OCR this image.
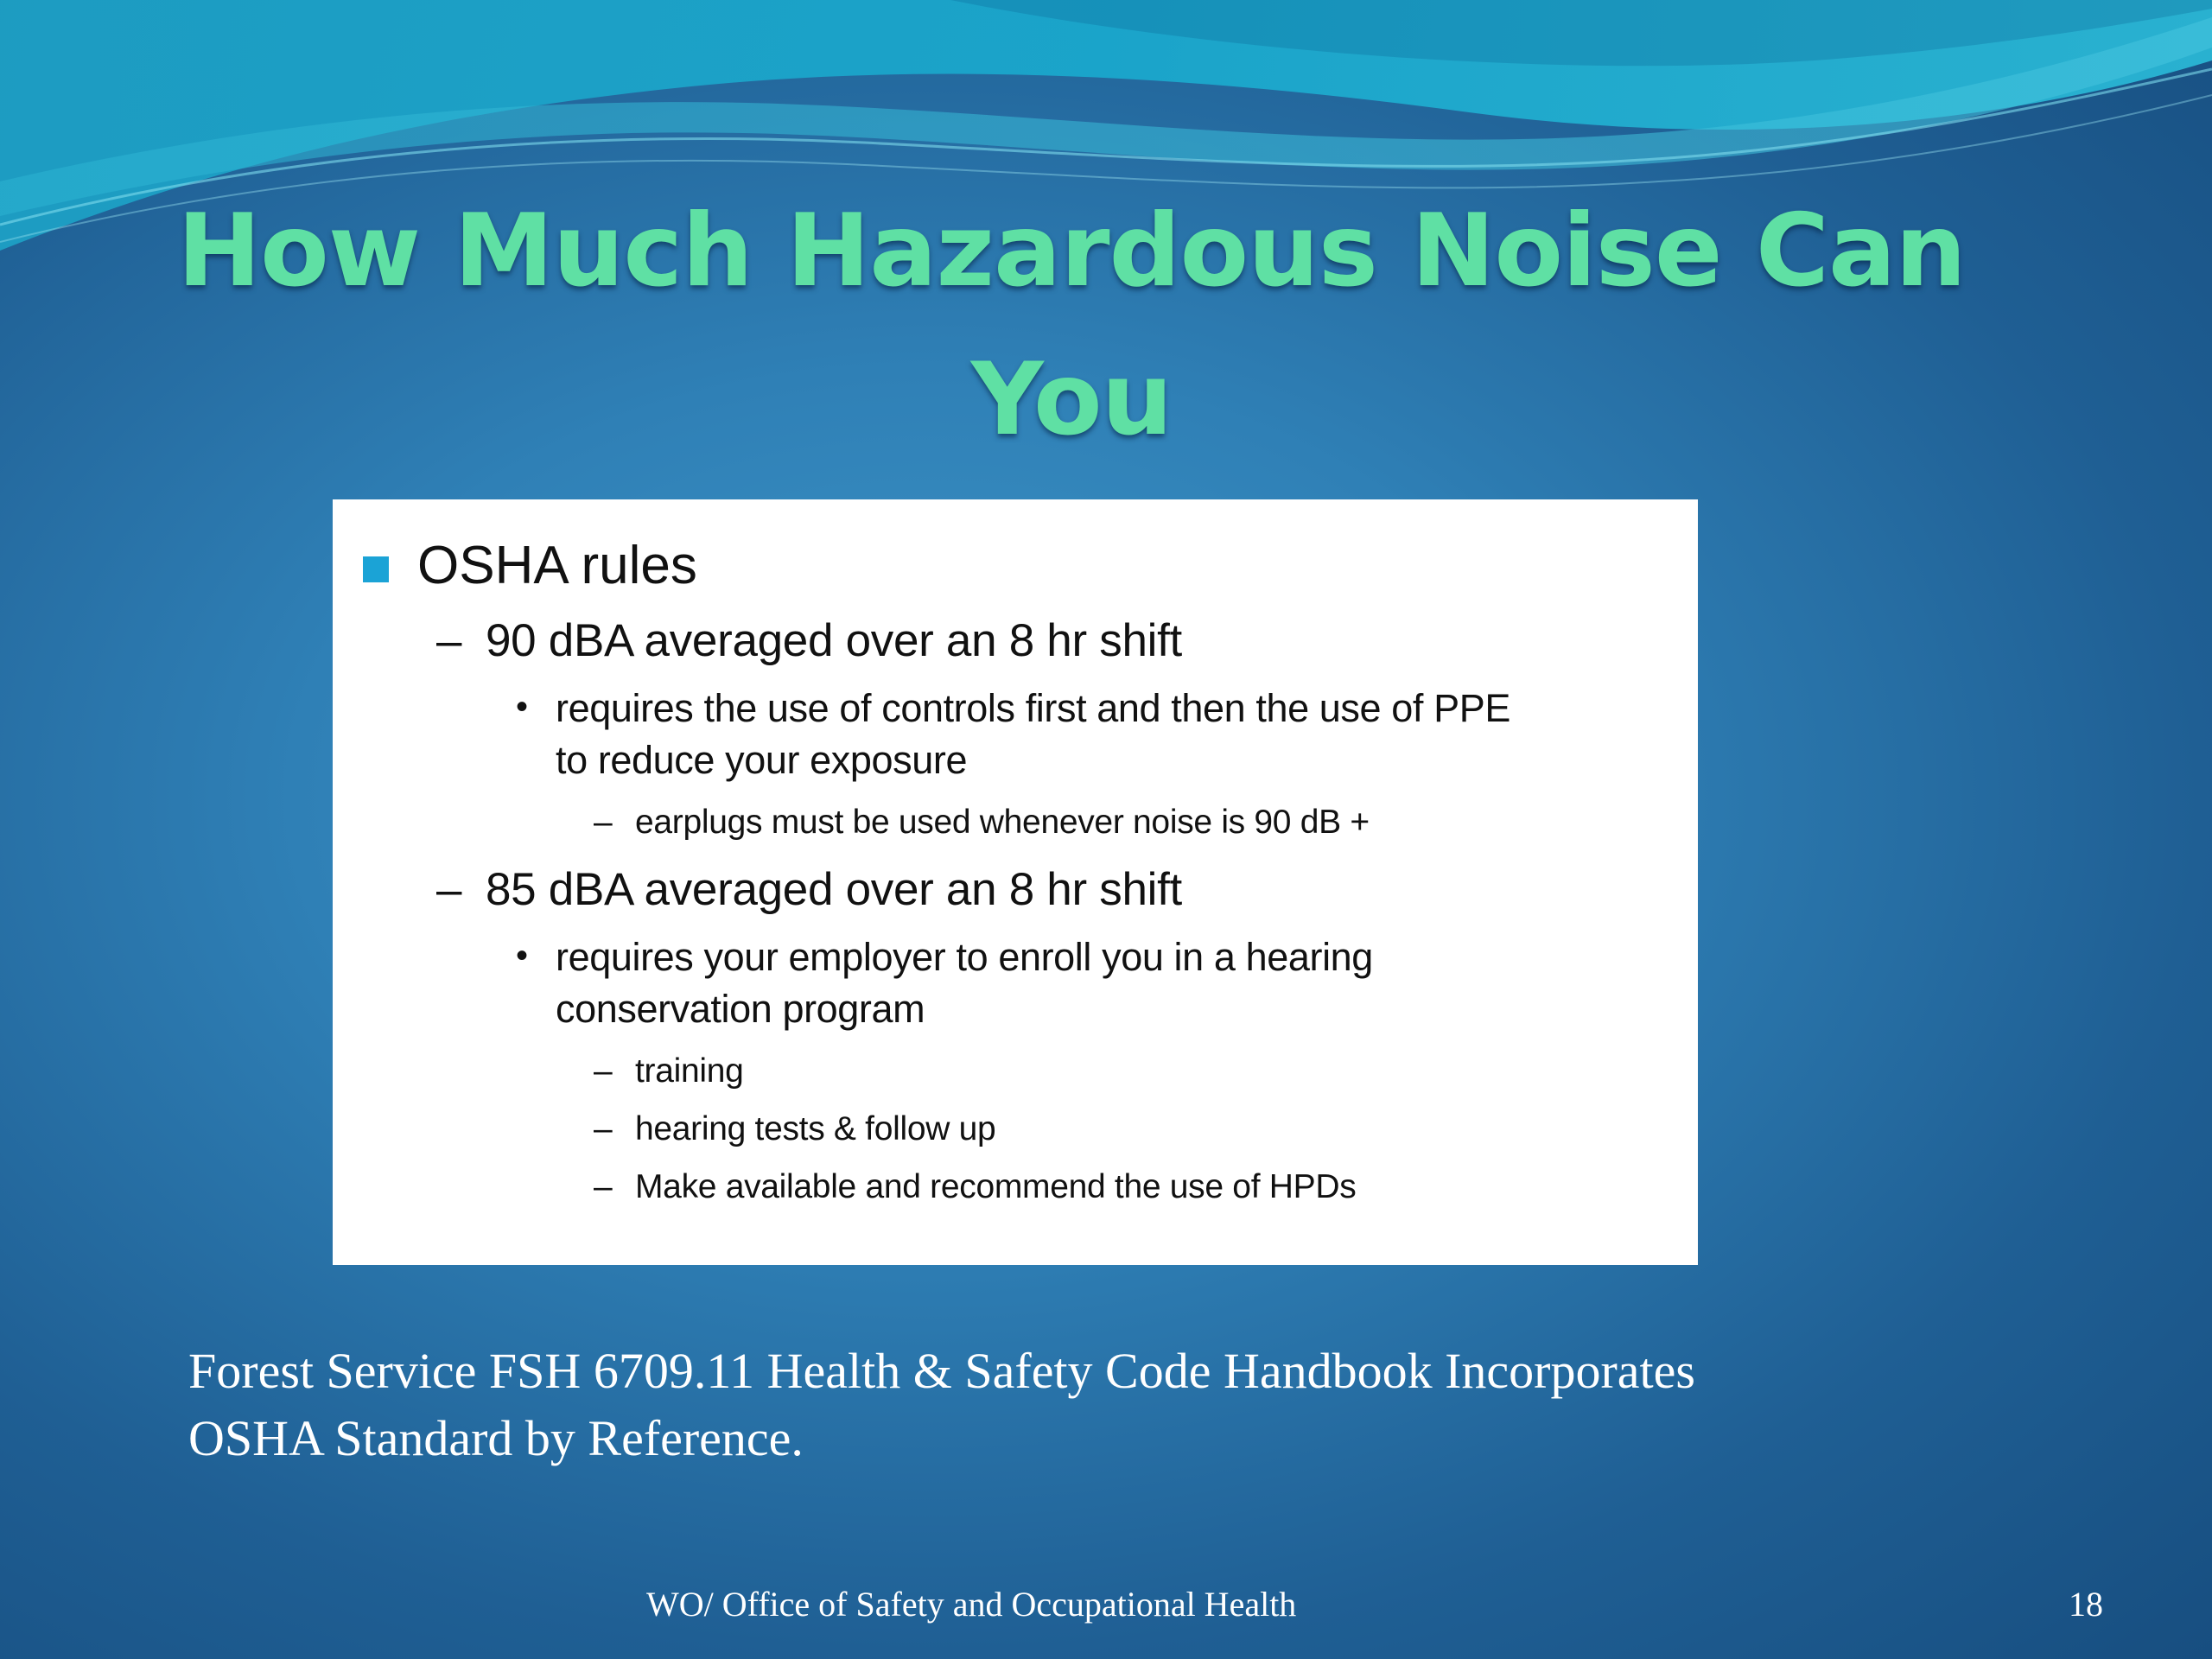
How Much Hazardous Noise Can You

OSHA rules
– 90 dBA averaged over an 8 hr shift
• requires the use of controls first and then the use of PPE
to reduce your exposure
– earplugs must be used whenever noise is 90 dB +
– 85 dBA averaged over an 8 hr shift
• requires your employer to enroll you in a hearing
conservation program
– training
– hearing tests & follow up
– Make available and recommend the use of HPDs

Forest Service FSH 6709.11 Health & Safety Code Handbook Incorporates
OSHA Standard by Reference.

WO/ Office of Safety and Occupational Health	18
